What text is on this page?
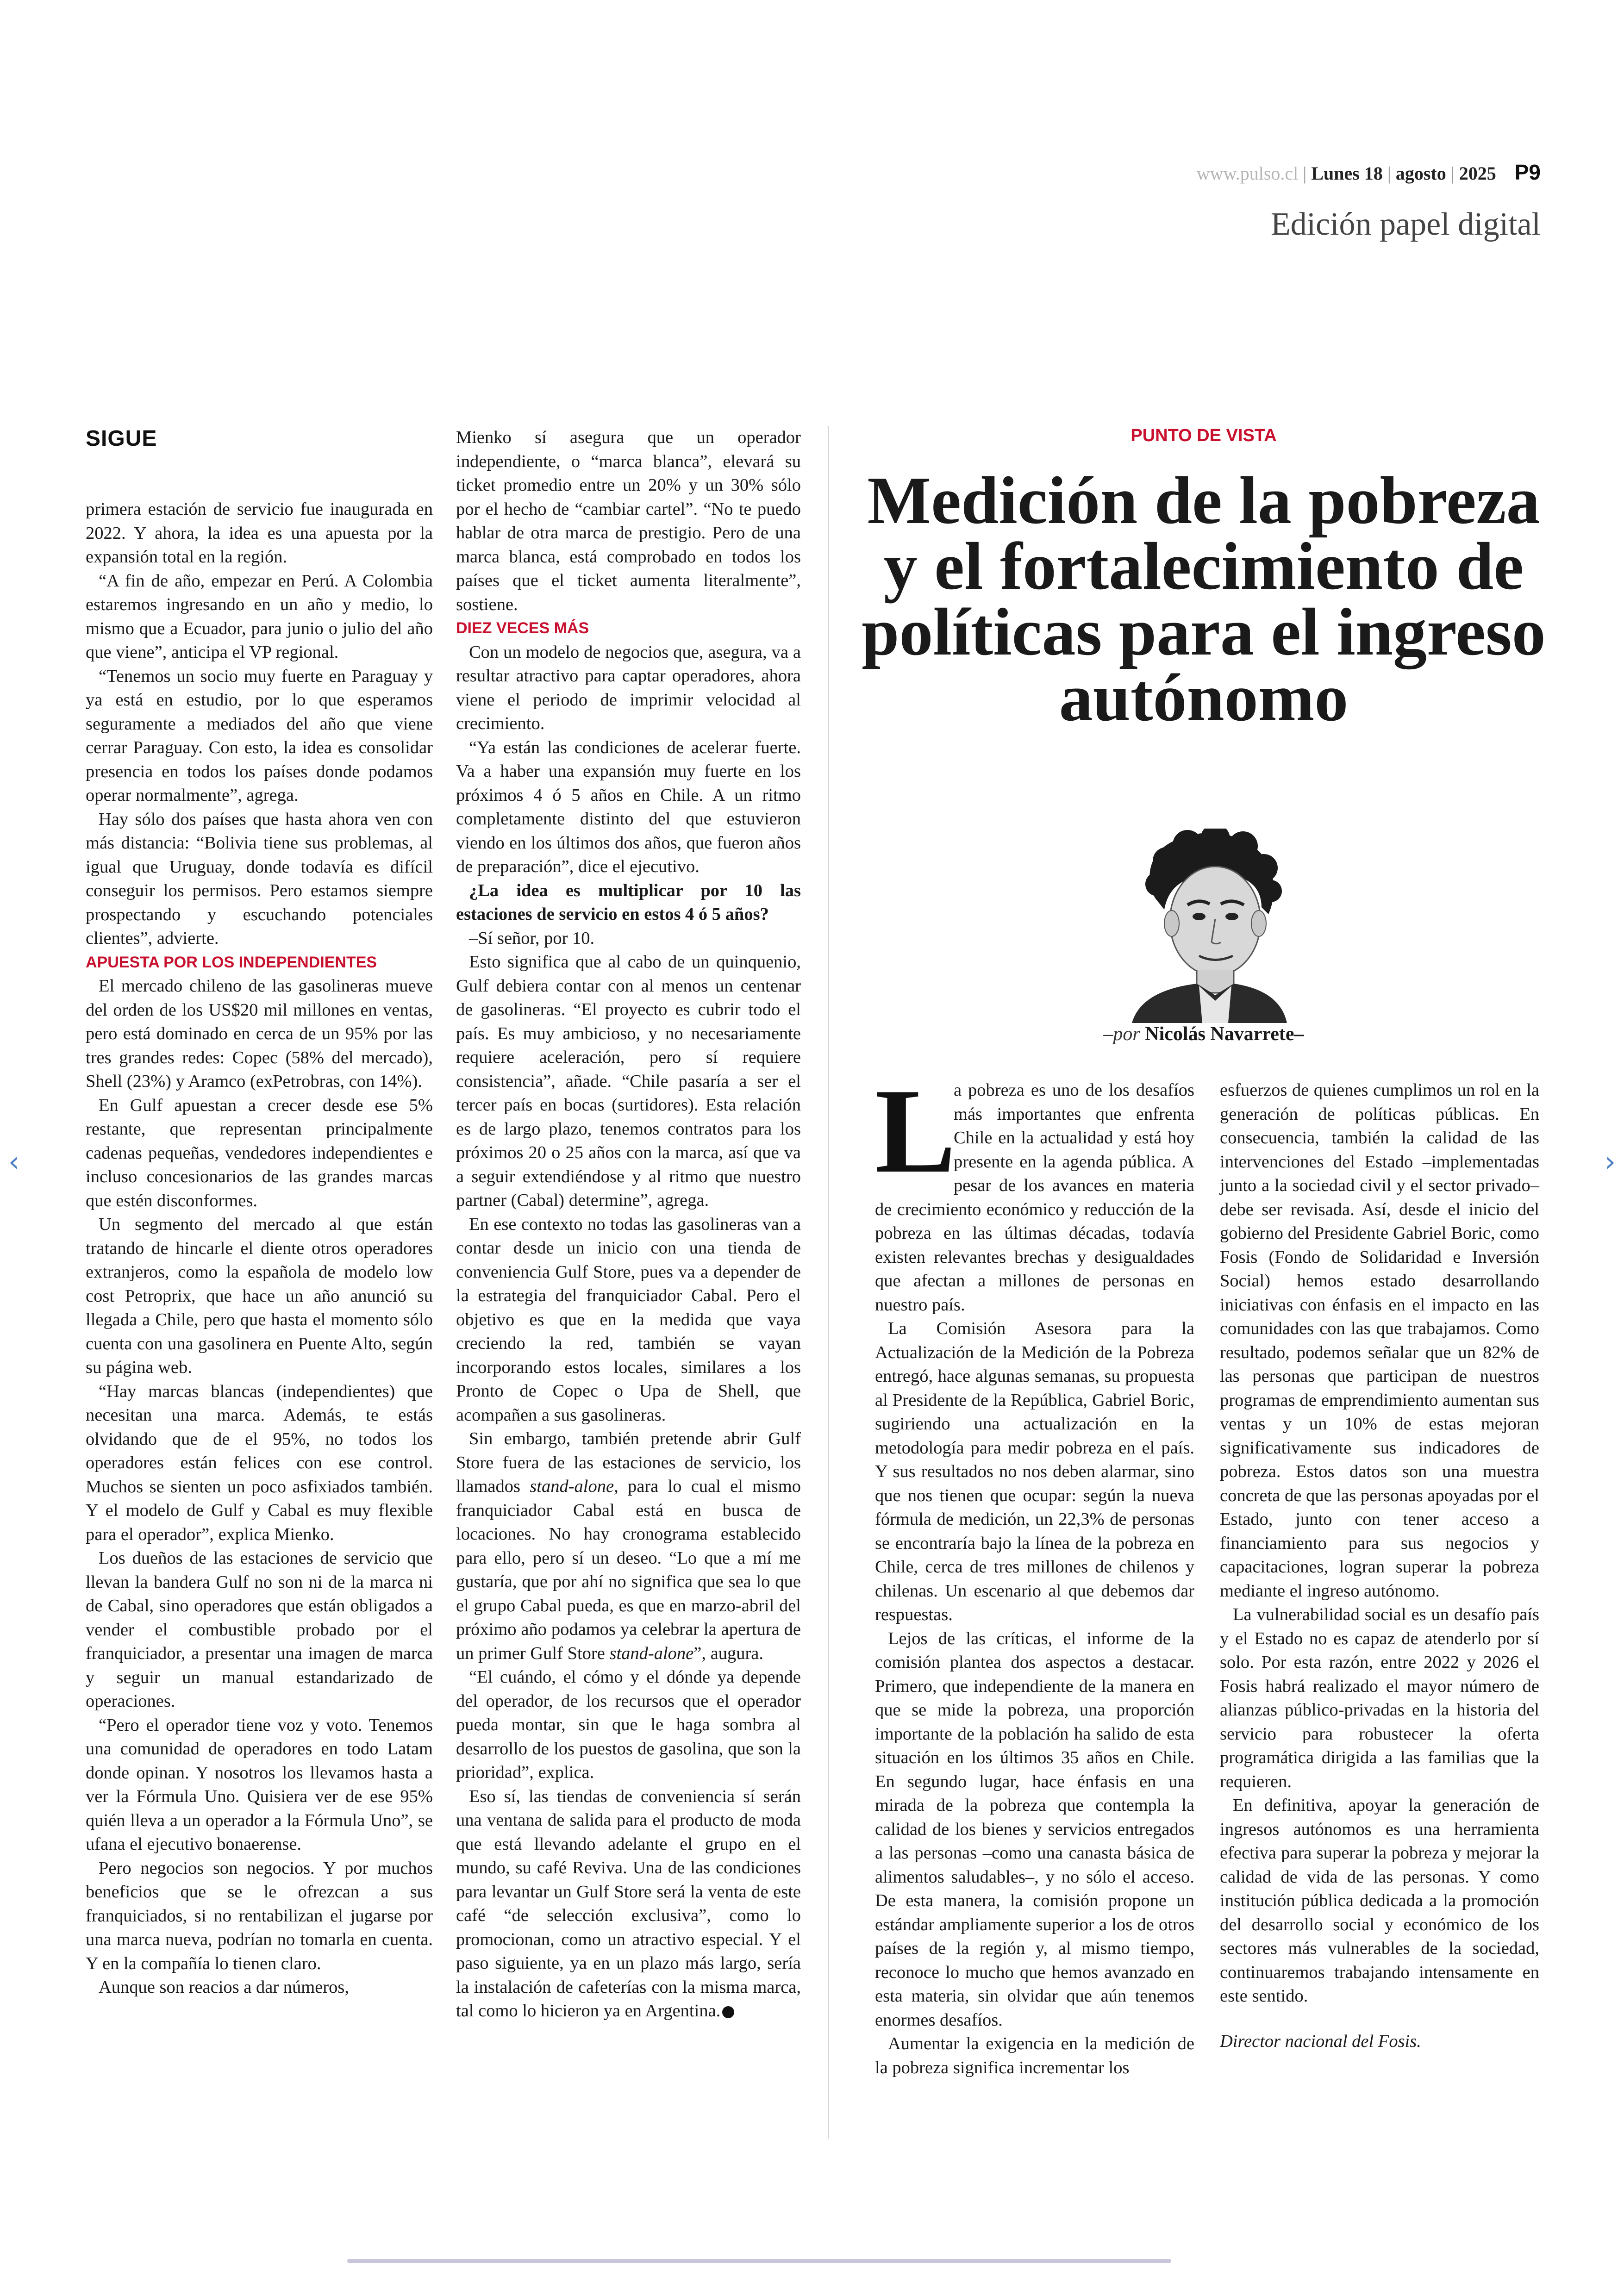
www.pulso.cl | Lunes 18 | agosto | 2025 P9
Edición papel digital
SIGUE

primera estación de servicio fue inaugurada en 2022. Y ahora, la idea es una apuesta por la expansión total en la región.

“A fin de año, empezar en Perú. A Colombia estaremos ingresando en un año y medio, lo mismo que a Ecuador, para junio o julio del año que viene”, anticipa el VP regional.

“Tenemos un socio muy fuerte en Paraguay y ya está en estudio, por lo que esperamos seguramente a mediados del año que viene cerrar Paraguay. Con esto, la idea es consolidar presencia en todos los países donde podamos operar normalmente”, agrega.

Hay sólo dos países que hasta ahora ven con más distancia: “Bolivia tiene sus problemas, al igual que Uruguay, donde todavía es difícil conseguir los permisos. Pero estamos siempre prospectando y escuchando potenciales clientes”, advierte.

APUESTA POR LOS INDEPENDIENTES

El mercado chileno de las gasolineras mueve del orden de los US$20 mil millones en ventas, pero está dominado en cerca de un 95% por las tres grandes redes: Copec (58% del mercado), Shell (23%) y Aramco (exPetrobras, con 14%).

En Gulf apuestan a crecer desde ese 5% restante, que representan principalmente cadenas pequeñas, vendedores independientes e incluso concesionarios de las grandes marcas que estén disconformes.

Un segmento del mercado al que están tratando de hincarle el diente otros operadores extranjeros, como la española de modelo low cost Petroprix, que hace un año anunció su llegada a Chile, pero que hasta el momento sólo cuenta con una gasolinera en Puente Alto, según su página web.

“Hay marcas blancas (independientes) que necesitan una marca. Además, te estás olvidando que de el 95%, no todos los operadores están felices con ese control. Muchos se sienten un poco asfixiados también. Y el modelo de Gulf y Cabal es muy flexible para el operador”, explica Mienko.

Los dueños de las estaciones de servicio que llevan la bandera Gulf no son ni de la marca ni de Cabal, sino operadores que están obligados a vender el combustible probado por el franquiciador, a presentar una imagen de marca y seguir un manual estandarizado de operaciones.

“Pero el operador tiene voz y voto. Tenemos una comunidad de operadores en todo Latam donde opinan. Y nosotros los llevamos hasta a ver la Fórmula Uno. Quisiera ver de ese 95% quién lleva a un operador a la Fórmula Uno”, se ufana el ejecutivo bonaerense.

Pero negocios son negocios. Y por muchos beneficios que se le ofrezcan a sus franquiciados, si no rentabilizan el jugarse por una marca nueva, podrían no tomarla en cuenta. Y en la compañía lo tienen claro.

Aunque son reacios a dar números,

Mienko sí asegura que un operador independiente, o “marca blanca”, elevará su ticket promedio entre un 20% y un 30% sólo por el hecho de “cambiar cartel”. “No te puedo hablar de otra marca de prestigio. Pero de una marca blanca, está comprobado en todos los países que el ticket aumenta literalmente”, sostiene.

DIEZ VECES MÁS

Con un modelo de negocios que, asegura, va a resultar atractivo para captar operadores, ahora viene el periodo de imprimir velocidad al crecimiento.

“Ya están las condiciones de acelerar fuerte. Va a haber una expansión muy fuerte en los próximos 4 ó 5 años en Chile. A un ritmo completamente distinto del que estuvieron viendo en los últimos dos años, que fueron años de preparación”, dice el ejecutivo.

¿La idea es multiplicar por 10 las estaciones de servicio en estos 4 ó 5 años?

–Sí señor, por 10.

Esto significa que al cabo de un quinquenio, Gulf debiera contar con al menos un centenar de gasolineras. “El proyecto es cubrir todo el país. Es muy ambicioso, y no necesariamente requiere aceleración, pero sí requiere consistencia”, añade. “Chile pasaría a ser el tercer país en bocas (surtidores). Esta relación es de largo plazo, tenemos contratos para los próximos 20 o 25 años con la marca, así que va a seguir extendiéndose y al ritmo que nuestro partner (Cabal) determine”, agrega.

En ese contexto no todas las gasolineras van a contar desde un inicio con una tienda de conveniencia Gulf Store, pues va a depender de la estrategia del franquiciador Cabal. Pero el objetivo es que en la medida que vaya creciendo la red, también se vayan incorporando estos locales, similares a los Pronto de Copec o Upa de Shell, que acompañen a sus gasolineras.

Sin embargo, también pretende abrir Gulf Store fuera de las estaciones de servicio, los llamados stand-alone, para lo cual el mismo franquiciador Cabal está en busca de locaciones. No hay cronograma establecido para ello, pero sí un deseo. “Lo que a mí me gustaría, que por ahí no significa que sea lo que el grupo Cabal pueda, es que en marzo-abril del próximo año podamos ya celebrar la apertura de un primer Gulf Store stand-alone”, augura.

“El cuándo, el cómo y el dónde ya depende del operador, de los recursos que el operador pueda montar, sin que le haga sombra al desarrollo de los puestos de gasolina, que son la prioridad”, explica.

Eso sí, las tiendas de conveniencia sí serán una ventana de salida para el producto de moda que está llevando adelante el grupo en el mundo, su café Reviva. Una de las condiciones para levantar un Gulf Store será la venta de este café “de selección exclusiva”, como lo promocionan, como un atractivo especial. Y el paso siguiente, ya en un plazo más largo, sería la instalación de cafeterías con la misma marca, tal como lo hicieron ya en Argentina.

PUNTO DE VISTA
Medición de la pobreza y el fortalecimiento de políticas para el ingreso autónomo
–por Nicolás Navarrete–

L
a pobreza es uno de los desafíos más importantes que enfrenta Chile en la actualidad y está hoy presente en la agenda pública. A pesar de los avances en materia de crecimiento económico y reducción de la pobreza en las últimas décadas, todavía existen relevantes brechas y desigualdades que afectan a millones de personas en nuestro país.

La Comisión Asesora para la Actualización de la Medición de la Pobreza entregó, hace algunas semanas, su propuesta al Presidente de la República, Gabriel Boric, sugiriendo una actualización en la metodología para medir pobreza en el país. Y sus resultados no nos deben alarmar, sino que nos tienen que ocupar: según la nueva fórmula de medición, un 22,3% de personas se encontraría bajo la línea de la pobreza en Chile, cerca de tres millones de chilenos y chilenas. Un escenario al que debemos dar respuestas.

Lejos de las críticas, el informe de la comisión plantea dos aspectos a destacar. Primero, que independiente de la manera en que se mide la pobreza, una proporción importante de la población ha salido de esta situación en los últimos 35 años en Chile. En segundo lugar, hace énfasis en una mirada de la pobreza que contempla la calidad de los bienes y servicios entregados a las personas –como una canasta básica de alimentos saludables–, y no sólo el acceso. De esta manera, la comisión propone un estándar ampliamente superior a los de otros países de la región y, al mismo tiempo, reconoce lo mucho que hemos avanzado en esta materia, sin olvidar que aún tenemos enormes desafíos.

Aumentar la exigencia en la medición de la pobreza significa incrementar los

esfuerzos de quienes cumplimos un rol en la generación de políticas públicas. En consecuencia, también la calidad de las intervenciones del Estado –implementadas junto a la sociedad civil y el sector privado– debe ser revisada. Así, desde el inicio del gobierno del Presidente Gabriel Boric, como Fosis (Fondo de Solidaridad e Inversión Social) hemos estado desarrollando iniciativas con énfasis en el impacto en las comunidades con las que trabajamos. Como resultado, podemos señalar que un 82% de las personas que participan de nuestros programas de emprendimiento aumentan sus ventas y un 10% de estas mejoran significativamente sus indicadores de pobreza. Estos datos son una muestra concreta de que las personas apoyadas por el Estado, junto con tener acceso a financiamiento para sus negocios y capacitaciones, logran superar la pobreza mediante el ingreso autónomo.

La vulnerabilidad social es un desafío país y el Estado no es capaz de atenderlo por sí solo. Por esta razón, entre 2022 y 2026 el Fosis habrá realizado el mayor número de alianzas público-privadas en la historia del servicio para robustecer la oferta programática dirigida a las familias que la requieren.

En definitiva, apoyar la generación de ingresos autónomos es una herramienta efectiva para superar la pobreza y mejorar la calidad de vida de las personas. Y como institución pública dedicada a la promoción del desarrollo social y económico de los sectores más vulnerables de la sociedad, continuaremos trabajando intensamente en este sentido.

Director nacional del Fosis.

‹	›
